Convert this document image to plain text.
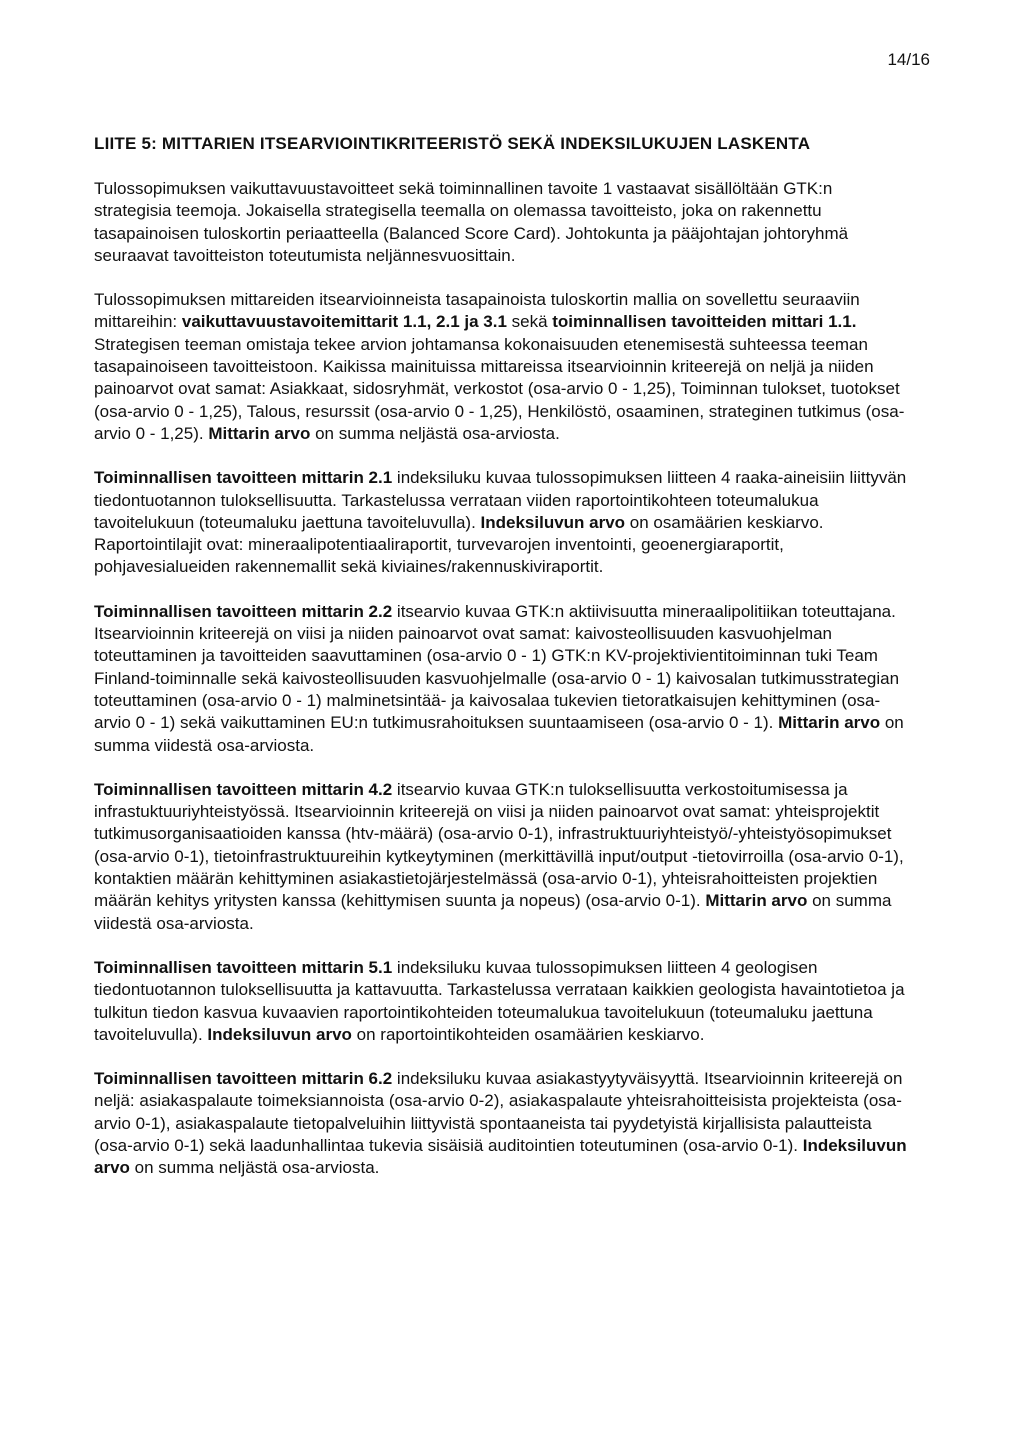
14/16
LIITE 5: MITTARIEN ITSEARVIOINTIKRITEERISTÖ SEKÄ INDEKSILUKUJEN LASKENTA

Tulossopimuksen vaikuttavuustavoitteet sekä toiminnallinen tavoite 1 vastaavat sisällöltään GTK:n strategisia teemoja. Jokaisella strategisella teemalla on olemassa tavoitteisto, joka on rakennettu tasapainoisen tuloskortin periaatteella (Balanced Score Card). Johtokunta ja pääjohtajan johtoryhmä seuraavat tavoitteiston toteutumista neljännesvuosittain.

Tulossopimuksen mittareiden itsearvioinneista tasapainoista tuloskortin mallia on sovellettu seuraaviin mittareihin: vaikuttavuustavoitemittarit 1.1, 2.1 ja 3.1 sekä toiminnallisen tavoitteiden mittari 1.1. Strategisen teeman omistaja tekee arvion johtamansa kokonaisuuden etenemisestä suhteessa teeman tasapainoiseen tavoitteistoon. Kaikissa mainituissa mittareissa itsearvioinnin kriteerejä on neljä ja niiden painoarvot ovat samat: Asiakkaat, sidosryhmät, verkostot (osa-arvio 0 - 1,25), Toiminnan tulokset, tuotokset (osa-arvio 0 - 1,25), Talous, resurssit (osa-arvio 0 - 1,25), Henkilöstö, osaaminen, strateginen tutkimus (osa-arvio 0 - 1,25). Mittarin arvo on summa neljästä osa-arviosta.

Toiminnallisen tavoitteen mittarin 2.1 indeksiluku kuvaa tulossopimuksen liitteen 4 raaka-aineisiin liittyvän tiedontuotannon tuloksellisuutta. Tarkastelussa verrataan viiden raportointikohteen toteumalukua tavoitelukuun (toteumaluku jaettuna tavoiteluvulla). Indeksiluvun arvo on osamäärien keskiarvo. Raportointilajit ovat: mineraalipotentiaaliraportit, turvevarojen inventointi, geoenergiaraportit, pohjavesialueiden rakennemallit sekä kiviaines/rakennuskiviraportit.

Toiminnallisen tavoitteen mittarin 2.2 itsearvio kuvaa GTK:n aktiivisuutta mineraalipolitiikan toteuttajana. Itsearvioinnin kriteerejä on viisi ja niiden painoarvot ovat samat: kaivosteollisuuden kasvuohjelman toteuttaminen ja tavoitteiden saavuttaminen (osa-arvio 0 - 1) GTK:n KV-projektivientitoiminnan tuki Team Finland-toiminnalle sekä kaivosteollisuuden kasvuohjelmalle (osa-arvio 0 - 1) kaivosalan tutkimusstrategian toteuttaminen (osa-arvio 0 - 1) malminetsintää- ja kaivosalaa tukevien tietoratkaisujen kehittyminen (osa-arvio 0 - 1) sekä vaikuttaminen EU:n tutkimusrahoituksen suuntaamiseen (osa-arvio 0 - 1). Mittarin arvo on summa viidestä osa-arviosta.

Toiminnallisen tavoitteen mittarin 4.2 itsearvio kuvaa GTK:n tuloksellisuutta verkostoitumisessa ja infrastuktuuriyhteistyössä. Itsearvioinnin kriteerejä on viisi ja niiden painoarvot ovat samat: yhteisprojektit tutkimusorganisaatioiden kanssa (htv-määrä) (osa-arvio 0-1), infrastruktuuriyhteistyö/-yhteistyösopimukset (osa-arvio 0-1), tietoinfrastruktuureihin kytkeytyminen (merkittävillä input/output -tietovirroilla (osa-arvio 0-1), kontaktien määrän kehittyminen asiakastietojärjestelmässä (osa-arvio 0-1), yhteisrahoitteisten projektien määrän kehitys yritysten kanssa (kehittymisen suunta ja nopeus) (osa-arvio 0-1). Mittarin arvo on summa viidestä osa-arviosta.

Toiminnallisen tavoitteen mittarin 5.1 indeksiluku kuvaa tulossopimuksen liitteen 4 geologisen tiedontuotannon tuloksellisuutta ja kattavuutta. Tarkastelussa verrataan kaikkien geologista havaintotietoa ja tulkitun tiedon kasvua kuvaavien raportointikohteiden toteumalukua tavoitelukuun (toteumaluku jaettuna tavoiteluvulla). Indeksiluvun arvo on raportointikohteiden osamäärien keskiarvo.

Toiminnallisen tavoitteen mittarin 6.2 indeksiluku kuvaa asiakastyytyväisyyttä. Itsearvioinnin kriteerejä on neljä: asiakaspalaute toimeksiannoista (osa-arvio 0-2), asiakaspalaute yhteisrahoitteisista projekteista (osa-arvio 0-1), asiakaspalaute tietopalveluihin liittyvistä spontaaneista tai pyydetyistä kirjallisista palautteista (osa-arvio 0-1) sekä laadunhallintaa tukevia sisäisiä auditointien toteutuminen (osa-arvio 0-1). Indeksiluvun arvo on summa neljästä osa-arviosta.
